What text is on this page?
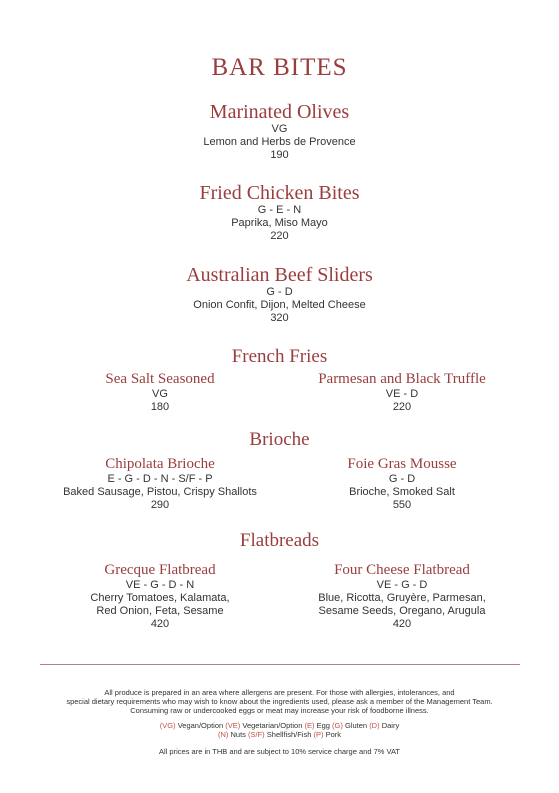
BAR BITES
Marinated Olives
VG
Lemon and Herbs de Provence
190
Fried Chicken Bites
G - E - N
Paprika, Miso Mayo
220
Australian Beef Sliders
G - D
Onion Confit, Dijon, Melted Cheese
320
French Fries
Sea Salt Seasoned
VG
180
Parmesan and Black Truffle
VE - D
220
Brioche
Chipolata Brioche
E - G - D - N - S/F - P
Baked Sausage, Pistou, Crispy Shallots
290
Foie Gras Mousse
G - D
Brioche, Smoked Salt
550
Flatbreads
Grecque Flatbread
VE - G - D - N
Cherry Tomatoes, Kalamata,
Red Onion, Feta, Sesame
420
Four Cheese Flatbread
VE - G - D
Blue, Ricotta, Gruyère, Parmesan,
Sesame Seeds, Oregano, Arugula
420
All produce is prepared in an area where allergens are present. For those with allergies, intolerances, and
special dietary requirements who may wish to know about the ingredients used, please ask a member of the Management Team.
Consuming raw or undercooked eggs or meat may increase your risk of foodborne illness.
(VG) Vegan/Option (VE) Vegetarian/Option (E) Egg (G) Gluten (D) Dairy
(N) Nuts (S/F) Shellfish/Fish (P) Pork
All prices are in THB and are subject to 10% service charge and 7% VAT
